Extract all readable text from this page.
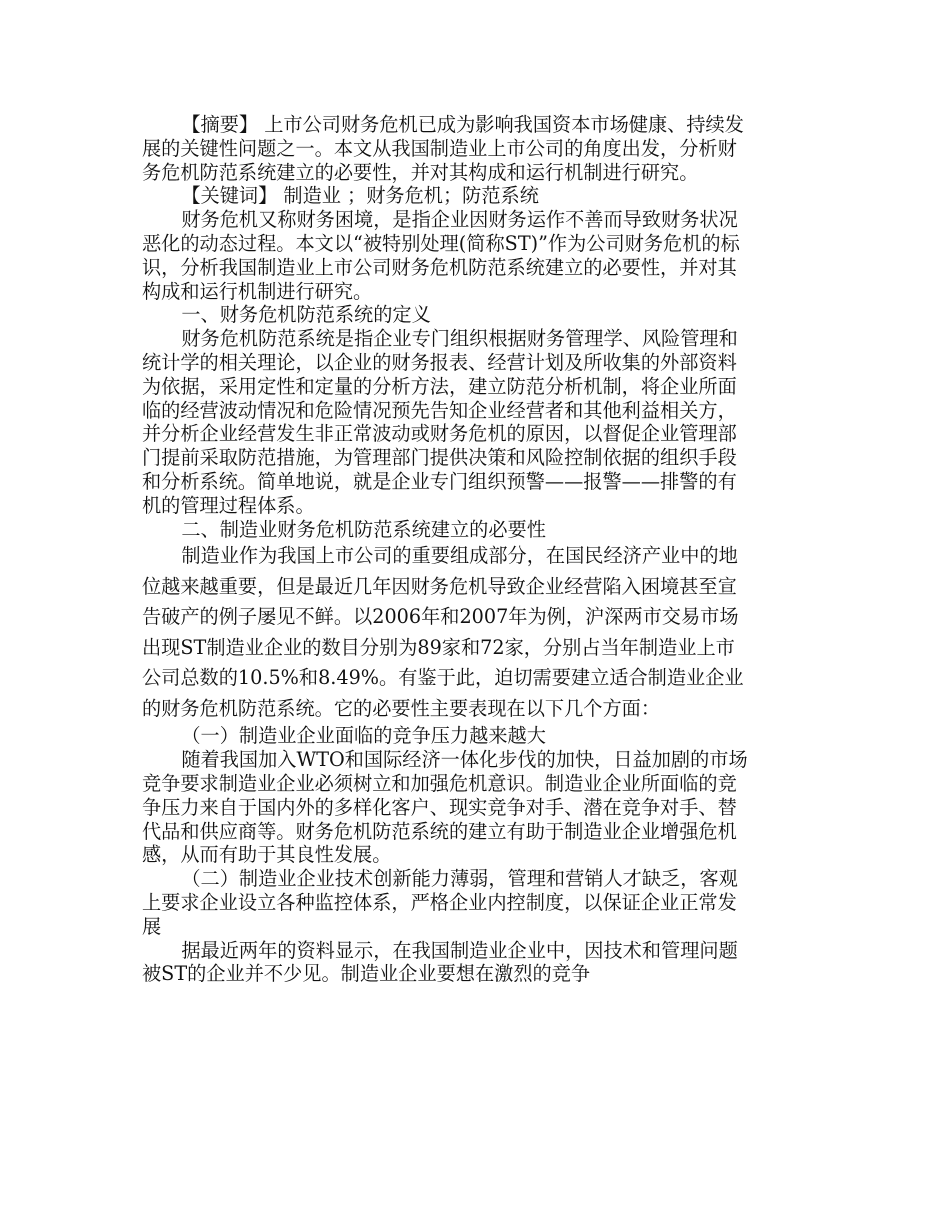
【摘要】 上市公司财务危机已成为影响我国资本市场健康、持续发展的关键性问题之一。本文从我国制造业上市公司的角度出发，分析财务危机防范系统建立的必要性，并对其构成和运行机制进行研究。

【关键词】 制造业 ；财务危机；防范系统

财务危机又称财务困境，是指企业因财务运作不善而导致财务状况恶化的动态过程。本文以“被特别处理(简称ST)”作为公司财务危机的标识，分析我国制造业上市公司财务危机防范系统建立的必要性，并对其构成和运行机制进行研究。

一、财务危机防范系统的定义

财务危机防范系统是指企业专门组织根据财务管理学、风险管理和统计学的相关理论，以企业的财务报表、经营计划及所收集的外部资料为依据，采用定性和定量的分析方法，建立防范分析机制，将企业所面临的经营波动情况和危险情况预先告知企业经营者和其他利益相关方，并分析企业经营发生非正常波动或财务危机的原因，以督促企业管理部门提前采取防范措施，为管理部门提供决策和风险控制依据的组织手段和分析系统。简单地说，就是企业专门组织预警——报警——排警的有机的管理过程体系。

二、制造业财务危机防范系统建立的必要性

制造业作为我国上市公司的重要组成部分，在国民经济产业中的地位越来越重要，但是最近几年因财务危机导致企业经营陷入困境甚至宣告破产的例子屡见不鲜。以2006年和2007年为例，沪深两市交易市场出现ST制造业企业的数目分别为89家和72家，分别占当年制造业上市公司总数的10.5%和8.49%。有鉴于此，迫切需要建立适合制造业企业的财务危机防范系统。它的必要性主要表现在以下几个方面：

（一）制造业企业面临的竞争压力越来越大

随着我国加入WTO和国际经济一体化步伐的加快，日益加剧的市场竞争要求制造业企业必须树立和加强危机意识。制造业企业所面临的竞争压力来自于国内外的多样化客户、现实竞争对手、潜在竞争对手、替代品和供应商等。财务危机防范系统的建立有助于制造业企业增强危机感，从而有助于其良性发展。

（二）制造业企业技术创新能力薄弱，管理和营销人才缺乏，客观上要求企业设立各种监控体系，严格企业内控制度，以保证企业正常发展

据最近两年的资料显示，在我国制造业企业中，因技术和管理问题被ST的企业并不少见。制造业企业要想在激烈的竞争
